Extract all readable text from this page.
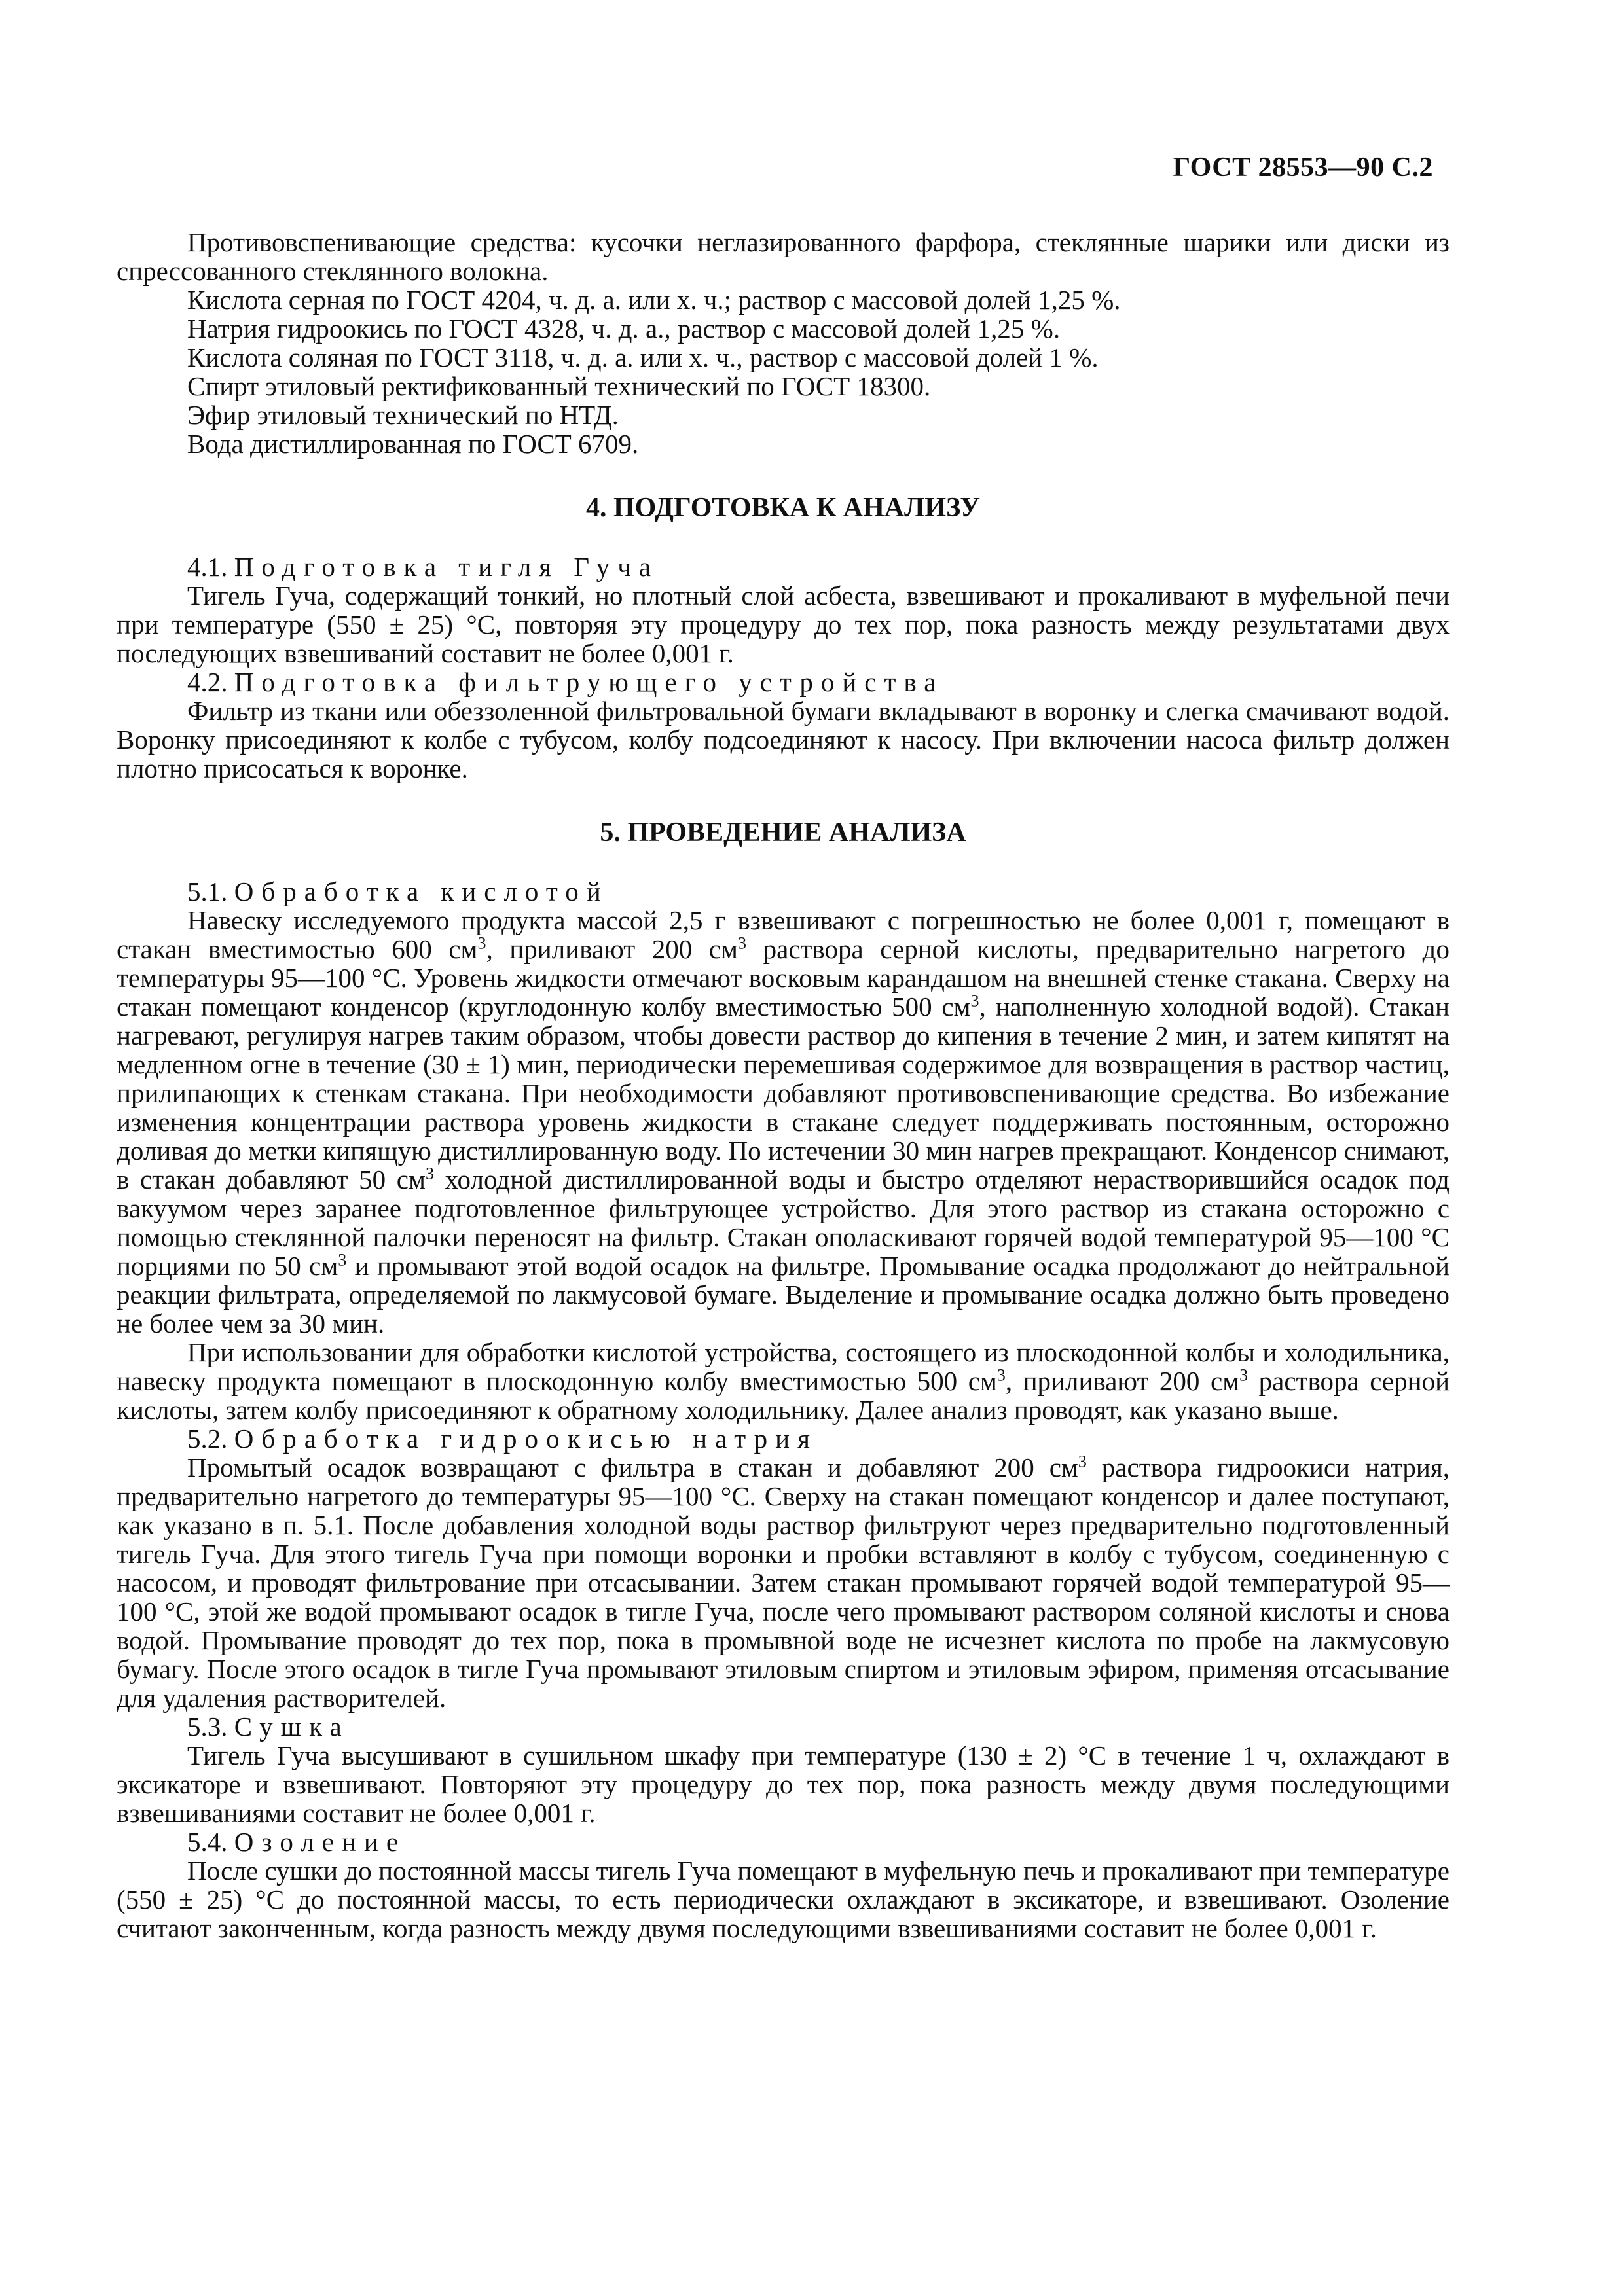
ГОСТ 28553—90 С.2

Противовспенивающие средства: кусочки неглазированного фарфора, стеклянные шарики или диски из спрессованного стеклянного волокна.

Кислота серная по ГОСТ 4204, ч. д. а. или х. ч.; раствор с массовой долей 1,25 %.

Натрия гидроокись по ГОСТ 4328, ч. д. а., раствор с массовой долей 1,25 %.

Кислота соляная по ГОСТ 3118, ч. д. а. или х. ч., раствор с массовой долей 1 %.

Спирт этиловый ректификованный технический по ГОСТ 18300.

Эфир этиловый технический по НТД.

Вода дистиллированная по ГОСТ 6709.

4. ПОДГОТОВКА К АНАЛИЗУ

4.1. Подготовка тигля Гуча

Тигель Гуча, содержащий тонкий, но плотный слой асбеста, взвешивают и прокаливают в муфельной печи при температуре (550 ± 25) °С, повторяя эту процедуру до тех пор, пока разность между результатами двух последующих взвешиваний составит не более 0,001 г.

4.2. Подготовка фильтрующего устройства

Фильтр из ткани или обеззоленной фильтровальной бумаги вкладывают в воронку и слегка смачивают водой. Воронку присоединяют к колбе с тубусом, колбу подсоединяют к насосу. При включении насоса фильтр должен плотно присосаться к воронке.

5. ПРОВЕДЕНИЕ АНАЛИЗА

5.1. Обработка кислотой

Навеску исследуемого продукта массой 2,5 г взвешивают с погрешностью не более 0,001 г, помещают в стакан вместимостью 600 $см^3$, приливают 200 $см^3$ раствора серной кислоты, предварительно нагретого до температуры 95—100 °С. Уровень жидкости отмечают восковым карандашом на внешней стенке стакана. Сверху на стакан помещают конденсор (круглодонную колбу вместимостью 500 $см^3$, наполненную холодной водой). Стакан нагревают, регулируя нагрев таким образом, чтобы довести раствор до кипения в течение 2 мин, и затем кипятят на медленном огне в течение (30 ± 1) мин, периодически перемешивая содержимое для возвращения в раствор частиц, прилипающих к стенкам стакана. При необходимости добавляют противовспенивающие средства. Во избежание изменения концентрации раствора уровень жидкости в стакане следует поддерживать постоянным, осторожно доливая до метки кипящую дистиллированную воду. По истечении 30 мин нагрев прекращают. Конденсор снимают, в стакан добавляют 50 $см^3$ холодной дистиллированной воды и быстро отделяют нерастворившийся осадок под вакуумом через заранее подготовленное фильтрующее устройство. Для этого раствор из стакана осторожно с помощью стеклянной палочки переносят на фильтр. Стакан ополаскивают горячей водой температурой 95—100 °С порциями по 50 $см^3$ и промывают этой водой осадок на фильтре. Промывание осадка продолжают до нейтральной реакции фильтрата, определяемой по лакмусовой бумаге. Выделение и промывание осадка должно быть проведено не более чем за 30 мин.

При использовании для обработки кислотой устройства, состоящего из плоскодонной колбы и холодильника, навеску продукта помещают в плоскодонную колбу вместимостью 500 $см^3$, приливают 200 $см^3$ раствора серной кислоты, затем колбу присоединяют к обратному холодильнику. Далее анализ проводят, как указано выше.

5.2. Обработка гидроокисью натрия

Промытый осадок возвращают с фильтра в стакан и добавляют 200 $см^3$ раствора гидроокиси натрия, предварительно нагретого до температуры 95—100 °С. Сверху на стакан помещают конденсор и далее поступают, как указано в п. 5.1. После добавления холодной воды раствор фильтруют через предварительно подготовленный тигель Гуча. Для этого тигель Гуча при помощи воронки и пробки вставляют в колбу с тубусом, соединенную с насосом, и проводят фильтрование при отсасывании. Затем стакан промывают горячей водой температурой 95—100 °С, этой же водой промывают осадок в тигле Гуча, после чего промывают раствором соляной кислоты и снова водой. Промывание проводят до тех пор, пока в промывной воде не исчезнет кислота по пробе на лакмусовую бумагу. После этого осадок в тигле Гуча промывают этиловым спиртом и этиловым эфиром, применяя отсасывание для удаления растворителей.

5.3. Сушка

Тигель Гуча высушивают в сушильном шкафу при температуре (130 ± 2) °С в течение 1 ч, охлаждают в эксикаторе и взвешивают. Повторяют эту процедуру до тех пор, пока разность между двумя последующими взвешиваниями составит не более 0,001 г.

5.4. Озоление

После сушки до постоянной массы тигель Гуча помещают в муфельную печь и прокаливают при температуре (550 ± 25) °С до постоянной массы, то есть периодически охлаждают в эксикаторе, и взвешивают. Озоление считают законченным, когда разность между двумя последующими взвешиваниями составит не более 0,001 г.
